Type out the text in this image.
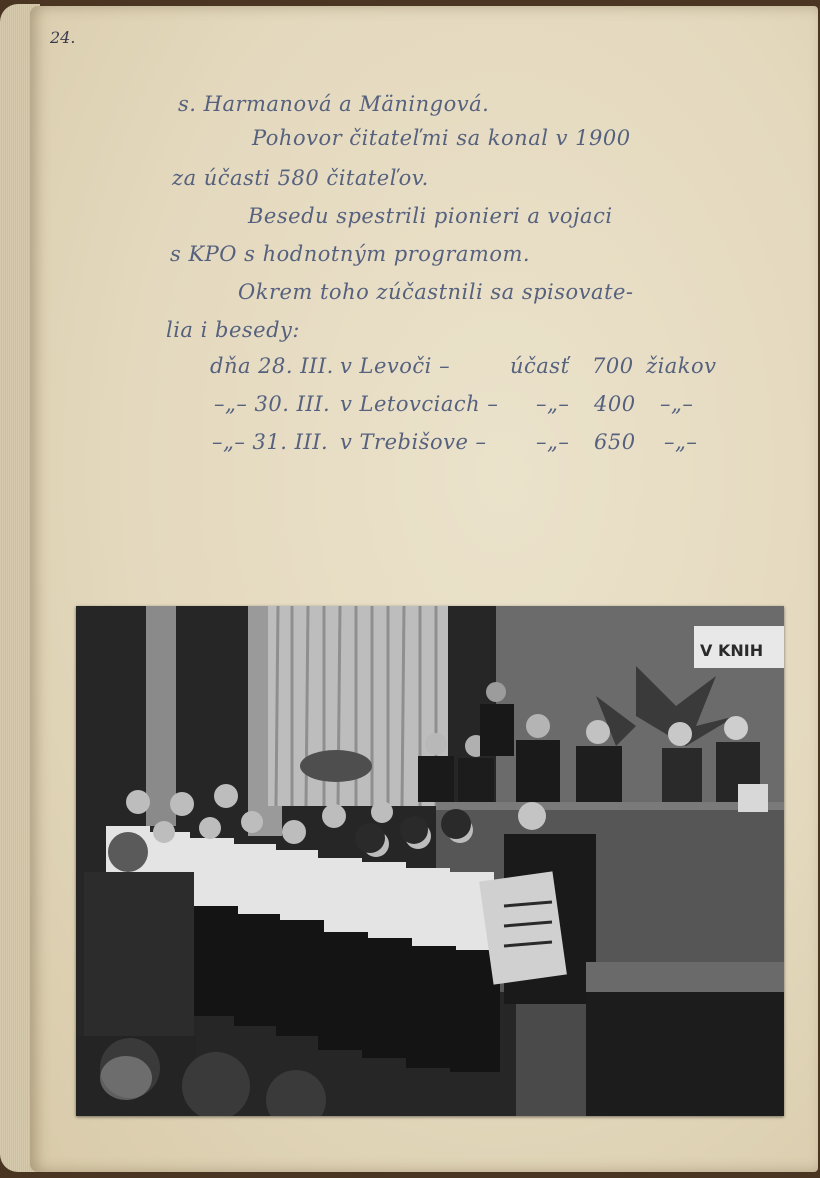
24.

s. Harmanová a Mäningová.

Pohovor čitateľmi sa konal v 1900

za účasti 580 čitateľov.

Besedu spestrili pionieri a vojaci

s KPO s hodnotným programom.

Okrem toho zúčastnili sa spisovate-

lia i besedy:

dňa 28. III. v Levoči –	účasť 700 žiakov

–„– 30. III. v Letovciach – –„– 400 –„–

–„– 31. III. v Trebišove – –„– 650 –„–

V KNIH
